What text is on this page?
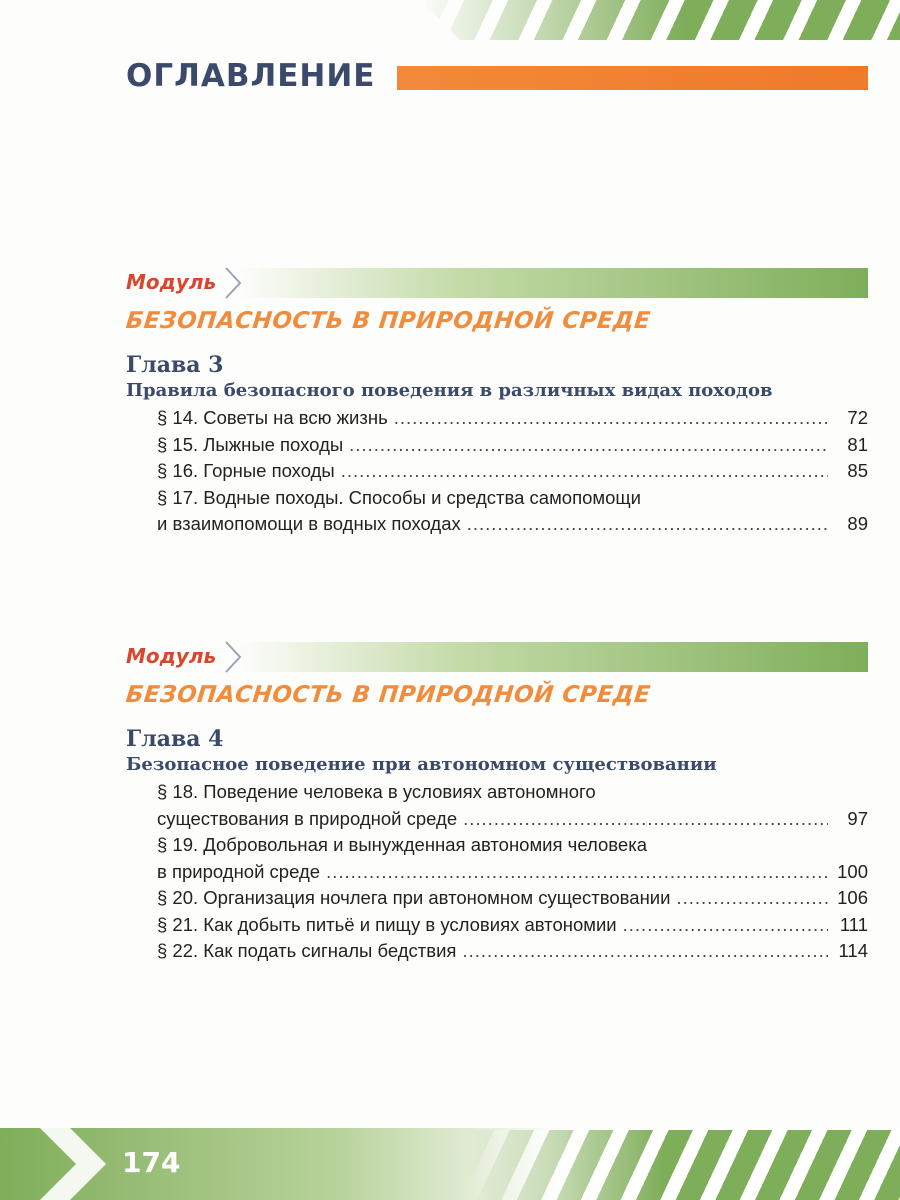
ОГЛАВЛЕНИЕ
Модуль
БЕЗОПАСНОСТЬ В ПРИРОДНОЙ СРЕДЕ
Глава 3
Правила безопасного поведения в различных видах походов
§ 14. Советы на всю жизнь .....	72
§ 15. Лыжные походы .....	81
§ 16. Горные походы .....	85
§ 17. Водные походы. Способы и средства самопомощи
и взаимопомощи в водных походах .....	89
Модуль
БЕЗОПАСНОСТЬ В ПРИРОДНОЙ СРЕДЕ
Глава 4
Безопасное поведение при автономном существовании
§ 18. Поведение человека в условиях автономного
существования в природной среде .....	97
§ 19. Добровольная и вынужденная автономия человека
в природной среде .....	100
§ 20. Организация ночлега при автономном существовании .....	106
§ 21. Как добыть питьё и пищу в условиях автономии .....	111
§ 22. Как подать сигналы бедствия .....	114
174
